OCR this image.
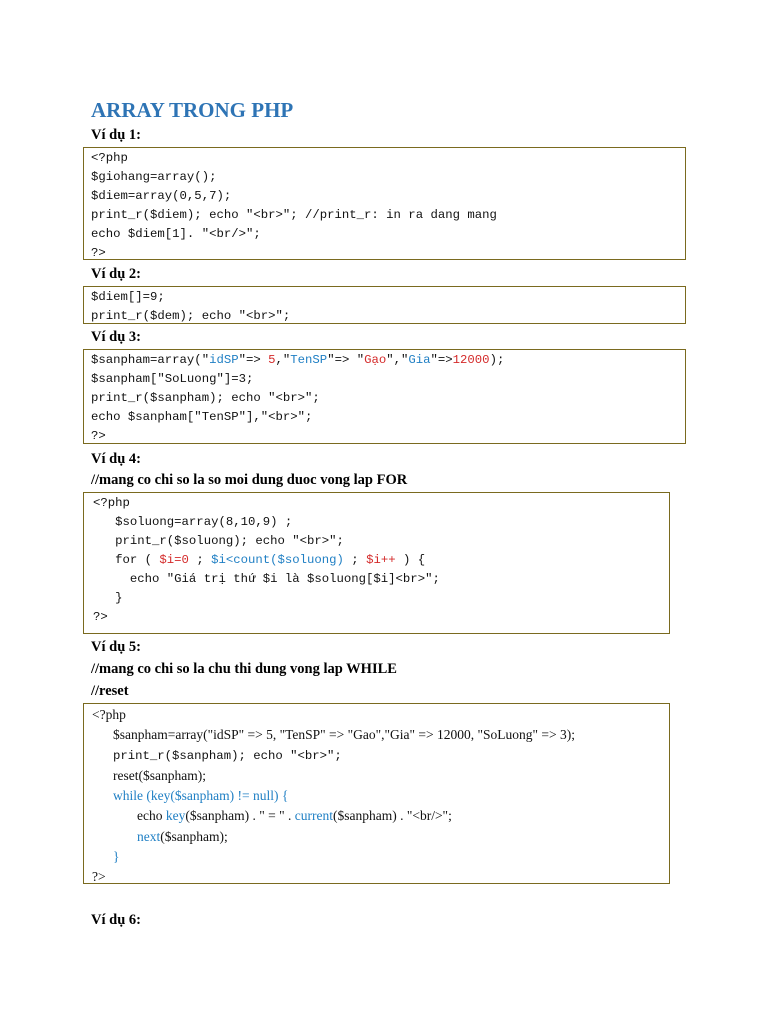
ARRAY TRONG PHP
Ví dụ 1:
<?php
$giohang=array();
$diem=array(0,5,7);
print_r($diem); echo "<br>"; //print_r: in ra dang mang
echo $diem[1]. "<br/>";
?>
Ví dụ 2:
$diem[]=9;
print_r($dem); echo "<br>";
Ví dụ 3:
$sanpham=array("idSP"=> 5,"TenSP"=> "Gạo","Gia"=>12000);
$sanpham["SoLuong"]=3;
print_r($sanpham); echo "<br>";
echo $sanpham["TenSP"],"<br>";
?>
Ví dụ 4:
//mang co chi so la so moi dung duoc vong lap FOR
<?php
$soluong=array(8,10,9) ;
print_r($soluong); echo "<br>";
for ( $i=0 ; $i<count($soluong) ; $i++ ) {
echo "Giá trị thứ $i là $soluong[$i]<br>";
}
?>
Ví dụ 5:
//mang co chi so la chu thi dung vong lap WHILE
//reset
<?php
$sanpham=array("idSP" => 5, "TenSP" => "Gao","Gia" => 12000, "SoLuong" => 3);
print_r($sanpham); echo "<br>";
reset($sanpham);
while (key($sanpham) != null) {
echo key($sanpham) . " = " . current($sanpham) . "<br/>";
next($sanpham);
}
?>
Ví dụ 6:
